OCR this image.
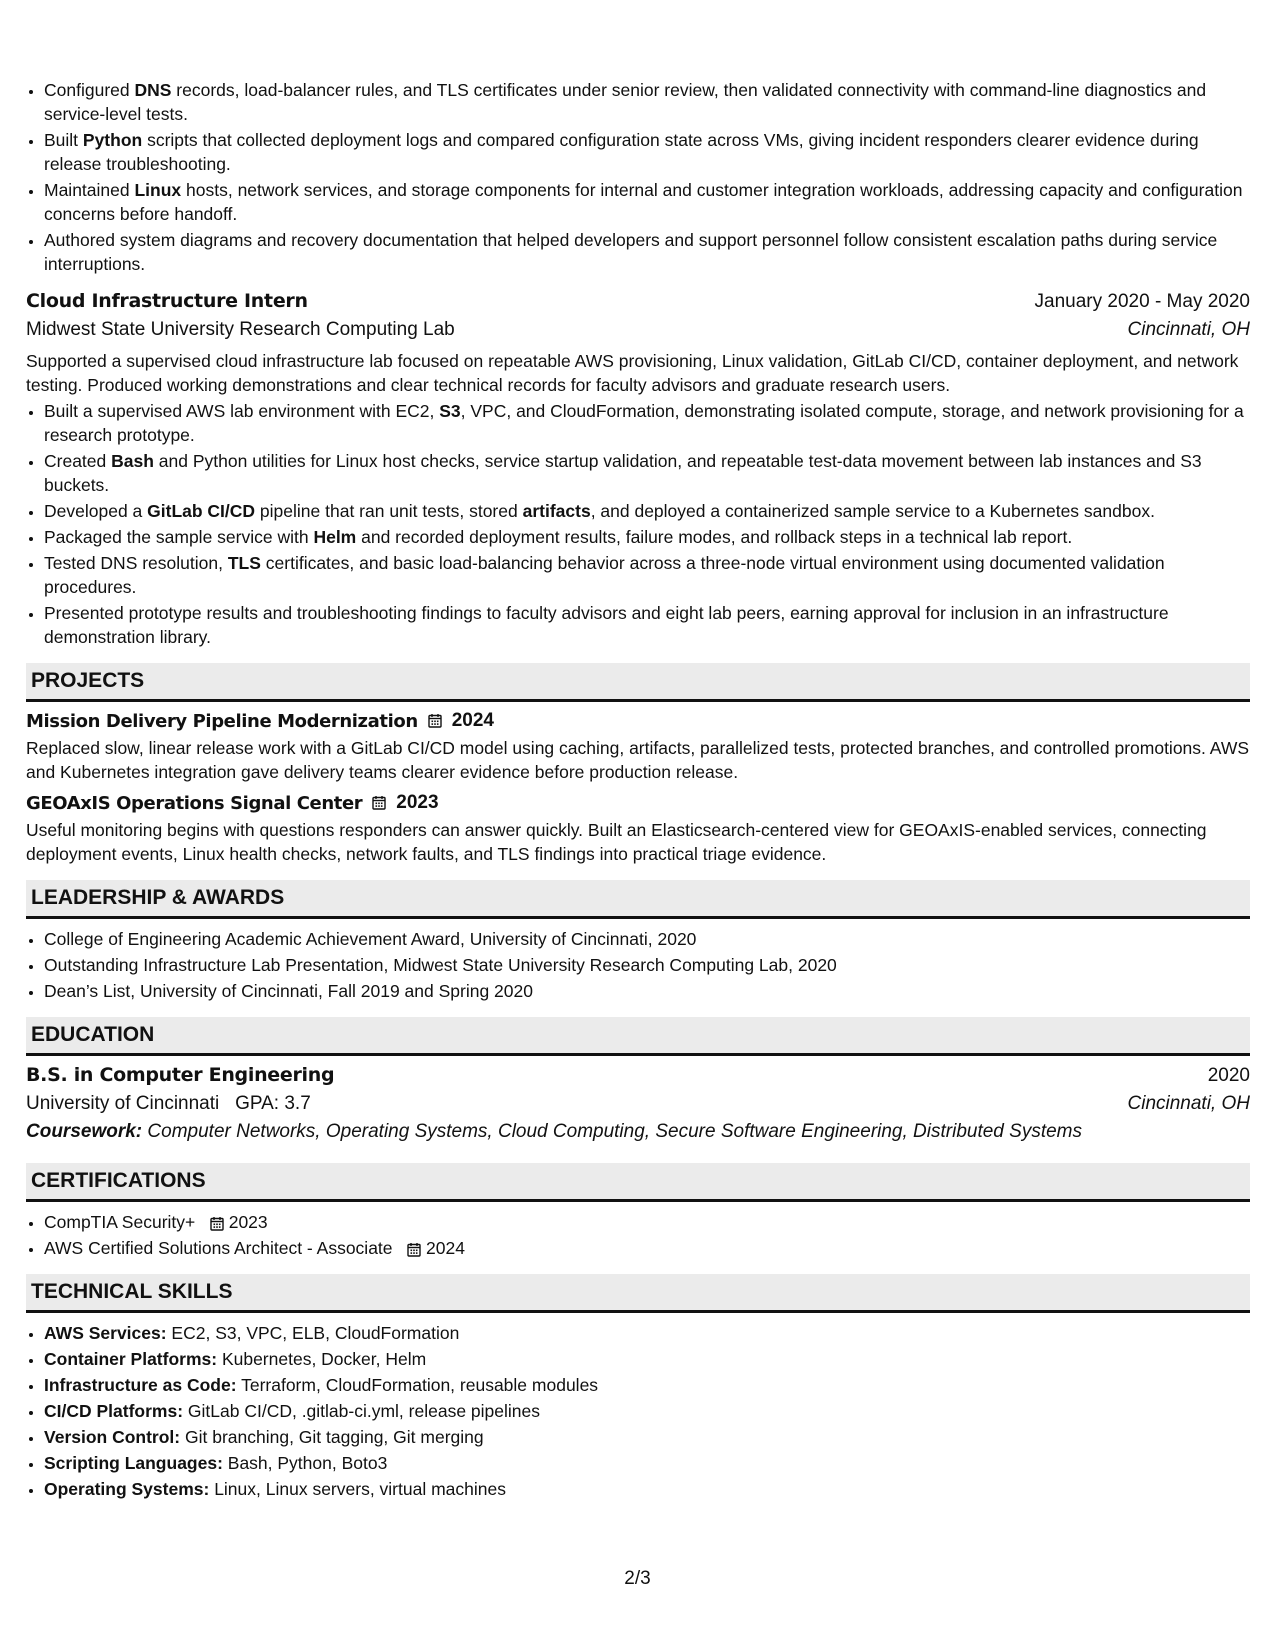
• Configured DNS records, load-balancer rules, and TLS certificates under senior review, then validated connectivity with command-line diagnostics and service-level tests.
• Built Python scripts that collected deployment logs and compared configuration state across VMs, giving incident responders clearer evidence during release troubleshooting.
• Maintained Linux hosts, network services, and storage components for internal and customer integration workloads, addressing capacity and configuration concerns before handoff.
• Authored system diagrams and recovery documentation that helped developers and support personnel follow consistent escalation paths during service interruptions.
Cloud Infrastructure Intern	January 2020 - May 2020
Midwest State University Research Computing Lab	Cincinnati, OH
Supported a supervised cloud infrastructure lab focused on repeatable AWS provisioning, Linux validation, GitLab CI/CD, container deployment, and network testing. Produced working demonstrations and clear technical records for faculty advisors and graduate research users.
• Built a supervised AWS lab environment with EC2, S3, VPC, and CloudFormation, demonstrating isolated compute, storage, and network provisioning for a research prototype.
• Created Bash and Python utilities for Linux host checks, service startup validation, and repeatable test-data movement between lab instances and S3 buckets.
• Developed a GitLab CI/CD pipeline that ran unit tests, stored artifacts, and deployed a containerized sample service to a Kubernetes sandbox.
• Packaged the sample service with Helm and recorded deployment results, failure modes, and rollback steps in a technical lab report.
• Tested DNS resolution, TLS certificates, and basic load-balancing behavior across a three-node virtual environment using documented validation procedures.
• Presented prototype results and troubleshooting findings to faculty advisors and eight lab peers, earning approval for inclusion in an infrastructure demonstration library.
PROJECTS
Mission Delivery Pipeline Modernization 2024
Replaced slow, linear release work with a GitLab CI/CD model using caching, artifacts, parallelized tests, protected branches, and controlled promotions. AWS and Kubernetes integration gave delivery teams clearer evidence before production release.
GEOAxIS Operations Signal Center 2023
Useful monitoring begins with questions responders can answer quickly. Built an Elasticsearch-centered view for GEOAxIS-enabled services, connecting deployment events, Linux health checks, network faults, and TLS findings into practical triage evidence.
LEADERSHIP & AWARDS
• College of Engineering Academic Achievement Award, University of Cincinnati, 2020
• Outstanding Infrastructure Lab Presentation, Midwest State University Research Computing Lab, 2020
• Dean’s List, University of Cincinnati, Fall 2019 and Spring 2020
EDUCATION
B.S. in Computer Engineering	2020
University of Cincinnati GPA: 3.7	Cincinnati, OH
Coursework: Computer Networks, Operating Systems, Cloud Computing, Secure Software Engineering, Distributed Systems
CERTIFICATIONS
• CompTIA Security+ 2023
• AWS Certified Solutions Architect - Associate 2024
TECHNICAL SKILLS
• AWS Services: EC2, S3, VPC, ELB, CloudFormation
• Container Platforms: Kubernetes, Docker, Helm
• Infrastructure as Code: Terraform, CloudFormation, reusable modules
• CI/CD Platforms: GitLab CI/CD, .gitlab-ci.yml, release pipelines
• Version Control: Git branching, Git tagging, Git merging
• Scripting Languages: Bash, Python, Boto3
• Operating Systems: Linux, Linux servers, virtual machines
2/3
